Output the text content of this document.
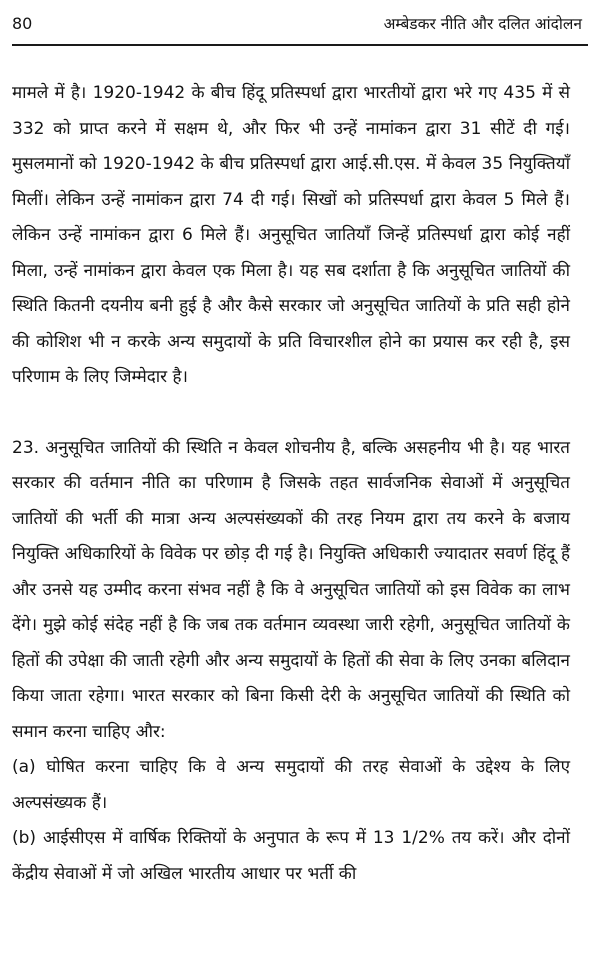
80	अम्बेडकर नीति और दलित आंदोलन

मामले में है। 1920-1942 के बीच हिंदू प्रतिस्पर्धा द्वारा भारतीयों द्वारा भरे गए 435 में से 332 को प्राप्त करने में सक्षम थे, और फिर भी उन्हें नामांकन द्वारा 31 सीटें दी गई। मुसलमानों को 1920-1942 के बीच प्रतिस्पर्धा द्वारा आई.सी.एस. में केवल 35 नियुक्तियाँ मिलीं। लेकिन उन्हें नामांकन द्वारा 74 दी गई। सिखों को प्रतिस्पर्धा द्वारा केवल 5 मिले हैं। लेकिन उन्हें नामांकन द्वारा 6 मिले हैं। अनुसूचित जातियाँ जिन्हें प्रतिस्पर्धा द्वारा कोई नहीं मिला, उन्हें नामांकन द्वारा केवल एक मिला है। यह सब दर्शाता है कि अनुसूचित जातियों की स्थिति कितनी दयनीय बनी हुई है और कैसे सरकार जो अनुसूचित जातियों के प्रति सही होने की कोशिश भी न करके अन्य समुदायों के प्रति विचारशील होने का प्रयास कर रही है, इस परिणाम के लिए जिम्मेदार है।

23. अनुसूचित जातियों की स्थिति न केवल शोचनीय है, बल्कि असहनीय भी है। यह भारत सरकार की वर्तमान नीति का परिणाम है जिसके तहत सार्वजनिक सेवाओं में अनुसूचित जातियों की भर्ती की मात्रा अन्य अल्पसंख्यकों की तरह नियम द्वारा तय करने के बजाय नियुक्ति अधिकारियों के विवेक पर छोड़ दी गई है। नियुक्ति अधिकारी ज्यादातर सवर्ण हिंदू हैं और उनसे यह उम्मीद करना संभव नहीं है कि वे अनुसूचित जातियों को इस विवेक का लाभ देंगे। मुझे कोई संदेह नहीं है कि जब तक वर्तमान व्यवस्था जारी रहेगी, अनुसूचित जातियों के हितों की उपेक्षा की जाती रहेगी और अन्य समुदायों के हितों की सेवा के लिए उनका बलिदान किया जाता रहेगा। भारत सरकार को बिना किसी देरी के अनुसूचित जातियों की स्थिति को समान करना चाहिए और:

(a) घोषित करना चाहिए कि वे अन्य समुदायों की तरह सेवाओं के उद्देश्य के लिए अल्पसंख्यक हैं।

(b) आईसीएस में वार्षिक रिक्तियों के अनुपात के रूप में 13 1/2% तय करें। और दोनों केंद्रीय सेवाओं में जो अखिल भारतीय आधार पर भर्ती की
